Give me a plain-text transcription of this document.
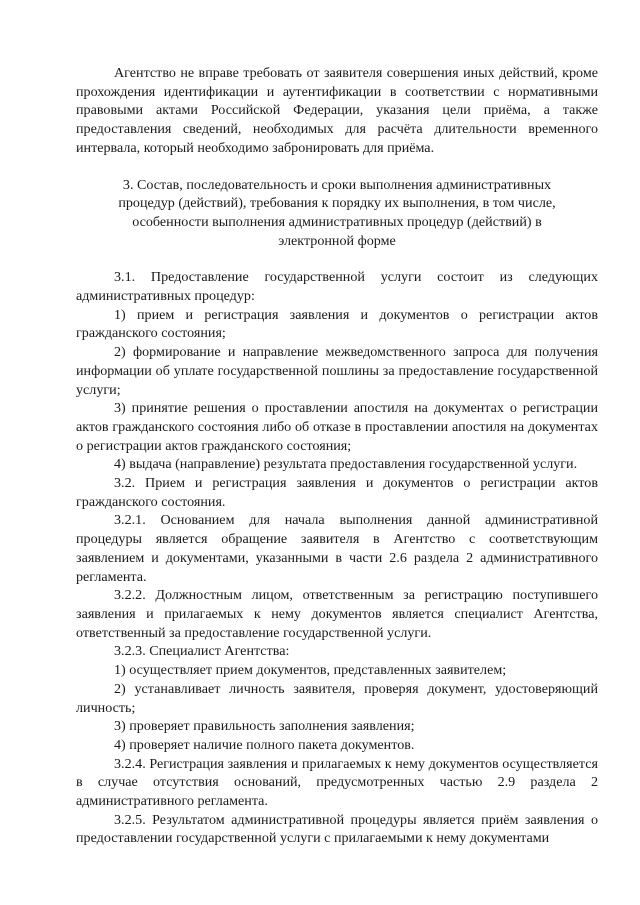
Агентство не вправе требовать от заявителя совершения иных действий, кроме прохождения идентификации и аутентификации в соответствии с нормативными правовыми актами Российской Федерации, указания цели приёма, а также предоставления сведений, необходимых для расчёта длительности временного интервала, который необходимо забронировать для приёма.

3. Состав, последовательность и сроки выполнения административных
процедур (действий), требования к порядку их выполнения, в том числе,
особенности выполнения административных процедур (действий) в
электронной форме

3.1. Предоставление государственной услуги состоит из следующих административных процедур:

1) прием и регистрация заявления и документов о регистрации актов гражданского состояния;

2) формирование и направление межведомственного запроса для получения информации об уплате государственной пошлины за предоставление государственной услуги;

3) принятие решения о проставлении апостиля на документах о регистрации актов гражданского состояния либо об отказе в проставлении апостиля на документах о регистрации актов гражданского состояния;

4) выдача (направление) результата предоставления государственной услуги.

3.2. Прием и регистрация заявления и документов о регистрации актов гражданского состояния.

3.2.1. Основанием для начала выполнения данной административной процедуры является обращение заявителя в Агентство с соответствующим заявлением и документами, указанными в части 2.6 раздела 2 административного регламента.

3.2.2. Должностным лицом, ответственным за регистрацию поступившего заявления и прилагаемых к нему документов является специалист Агентства, ответственный за предоставление государственной услуги.

3.2.3. Специалист Агентства:

1) осуществляет прием документов, представленных заявителем;

2) устанавливает личность заявителя, проверяя документ, удостоверяющий личность;

3) проверяет правильность заполнения заявления;

4) проверяет наличие полного пакета документов.

3.2.4. Регистрация заявления и прилагаемых к нему документов осуществляется в случае отсутствия оснований, предусмотренных частью 2.9 раздела 2 административного регламента.

3.2.5. Результатом административной процедуры является приём заявления о предоставлении государственной услуги с прилагаемыми к нему документами
